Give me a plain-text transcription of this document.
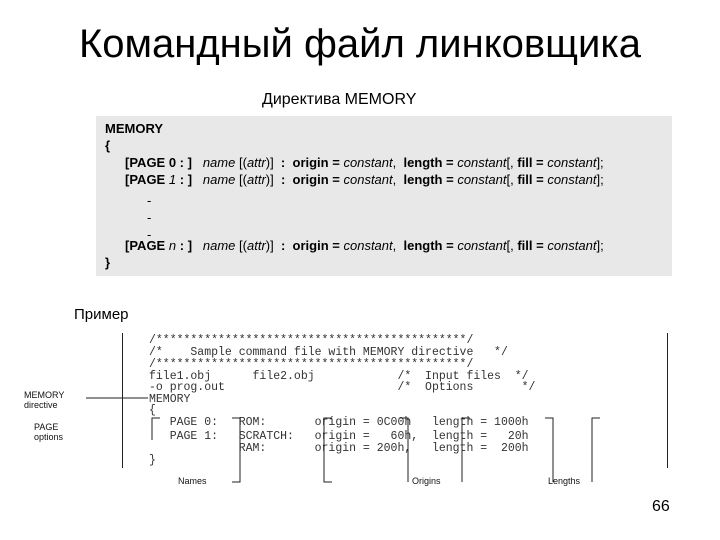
Командный файл линковщика
Директива MEMORY
MEMORY
{
[PAGE 0 : ] name [(attr)] : origin = constant, length = constant[, fill = constant];
[PAGE 1 : ] name [(attr)] : origin = constant, length = constant[, fill = constant];
-
-
-
[PAGE n : ] name [(attr)] : origin = constant, length = constant[, fill = constant];
}
Пример
/*********************************************/
/*    Sample command file with MEMORY directive   */
/*********************************************/
file1.obj      file2.obj            /*  Input files  */
-o prog.out                         /*  Options       */
MEMORY
{
PAGE 0:   ROM:       origin = 0C00h   length = 1000h
PAGE 1:   SCRATCH:   origin =   60h,  length =   20h
RAM:       origin = 200h,   length =  200h
}
MEMORY
directive
PAGE
options
Names	Origins	Lengths
66
